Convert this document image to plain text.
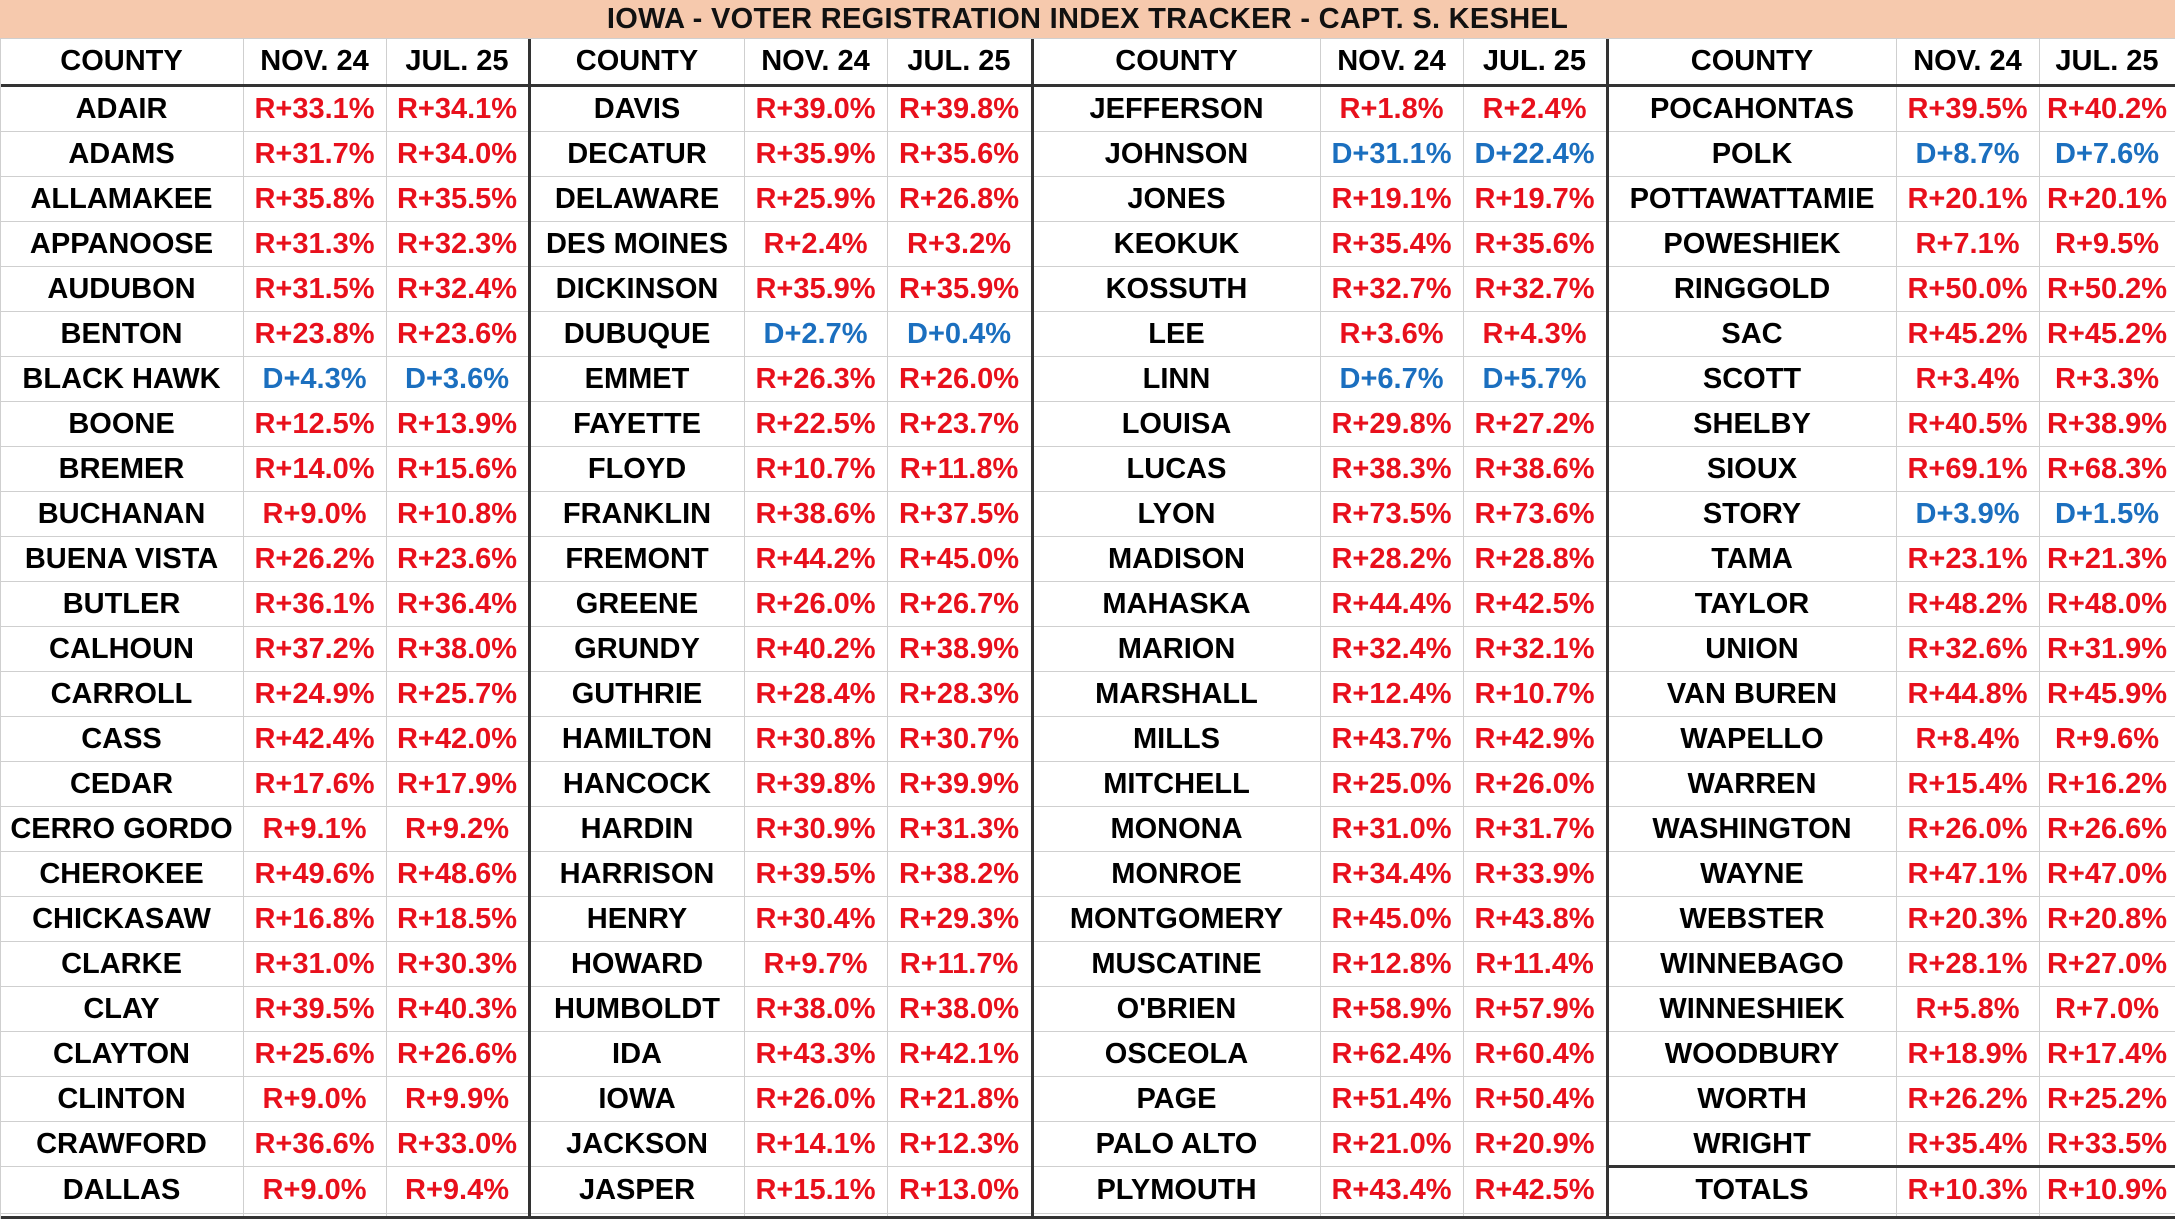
IOWA - VOTER REGISTRATION INDEX TRACKER - CAPT. S. KESHEL
COUNTY	NOV. 24	JUL. 25
ADAIR	R+33.1% R+34.1%
ADAMS	R+31.7% R+34.0%
ALLAMAKEE	R+35.8% R+35.5%
APPANOOSE	R+31.3% R+32.3%
AUDUBON	R+31.5% R+32.4%
BENTON	R+23.8% R+23.6%
BLACK HAWK	D+4.3%	D+3.6%
BOONE	R+12.5% R+13.9%
BREMER	R+14.0% R+15.6%
BUCHANAN	R+9.0%	R+10.8%
BUENA VISTA	R+26.2% R+23.6%
BUTLER	R+36.1% R+36.4%
CALHOUN	R+37.2% R+38.0%
CARROLL	R+24.9% R+25.7%
CASS	R+42.4% R+42.0%
CEDAR	R+17.6% R+17.9%
CERRO GORDO	R+9.1%	R+9.2%
CHEROKEE	R+49.6% R+48.6%
CHICKASAW	R+16.8% R+18.5%
CLARKE	R+31.0% R+30.3%
CLAY	R+39.5% R+40.3%
CLAYTON	R+25.6% R+26.6%
CLINTON	R+9.0%	R+9.9%
CRAWFORD	R+36.6% R+33.0%
DALLAS	R+9.0%	R+9.4%
COUNTY	NOV. 24	JUL. 25
DAVIS	R+39.0% R+39.8%
DECATUR	R+35.9% R+35.6%
DELAWARE	R+25.9% R+26.8%
DES MOINES	R+2.4%	R+3.2%
DICKINSON	R+35.9% R+35.9%
DUBUQUE	D+2.7%	D+0.4%
EMMET	R+26.3% R+26.0%
FAYETTE	R+22.5% R+23.7%
FLOYD	R+10.7% R+11.8%
FRANKLIN	R+38.6% R+37.5%
FREMONT	R+44.2% R+45.0%
GREENE	R+26.0% R+26.7%
GRUNDY	R+40.2% R+38.9%
GUTHRIE	R+28.4% R+28.3%
HAMILTON	R+30.8% R+30.7%
HANCOCK	R+39.8% R+39.9%
HARDIN	R+30.9% R+31.3%
HARRISON	R+39.5% R+38.2%
HENRY	R+30.4% R+29.3%
HOWARD	R+9.7%	R+11.7%
HUMBOLDT	R+38.0% R+38.0%
IDA	R+43.3% R+42.1%
IOWA	R+26.0% R+21.8%
JACKSON	R+14.1% R+12.3%
JASPER	R+15.1% R+13.0%
COUNTY	NOV. 24	JUL. 25
JEFFERSON	R+1.8%	R+2.4%
JOHNSON	D+31.1% D+22.4%
JONES	R+19.1% R+19.7%
KEOKUK	R+35.4% R+35.6%
KOSSUTH	R+32.7% R+32.7%
LEE	R+3.6%	R+4.3%
LINN	D+6.7%	D+5.7%
LOUISA	R+29.8% R+27.2%
LUCAS	R+38.3% R+38.6%
LYON	R+73.5% R+73.6%
MADISON	R+28.2% R+28.8%
MAHASKA	R+44.4% R+42.5%
MARION	R+32.4% R+32.1%
MARSHALL	R+12.4% R+10.7%
MILLS	R+43.7% R+42.9%
MITCHELL	R+25.0% R+26.0%
MONONA	R+31.0% R+31.7%
MONROE	R+34.4% R+33.9%
MONTGOMERY	R+45.0% R+43.8%
MUSCATINE	R+12.8% R+11.4%
O'BRIEN	R+58.9% R+57.9%
OSCEOLA	R+62.4% R+60.4%
PAGE	R+51.4% R+50.4%
PALO ALTO	R+21.0% R+20.9%
PLYMOUTH	R+43.4% R+42.5%
COUNTY	NOV. 24	JUL. 25
POCAHONTAS	R+39.5% R+40.2%
POLK	D+8.7%	D+7.6%
POTTAWATTAMIE	R+20.1% R+20.1%
POWESHIEK	R+7.1%	R+9.5%
RINGGOLD	R+50.0% R+50.2%
SAC	R+45.2% R+45.2%
SCOTT	R+3.4%	R+3.3%
SHELBY	R+40.5% R+38.9%
SIOUX	R+69.1% R+68.3%
STORY	D+3.9%	D+1.5%
TAMA	R+23.1% R+21.3%
TAYLOR	R+48.2% R+48.0%
UNION	R+32.6% R+31.9%
VAN BUREN	R+44.8% R+45.9%
WAPELLO	R+8.4%	R+9.6%
WARREN	R+15.4% R+16.2%
WASHINGTON	R+26.0% R+26.6%
WAYNE	R+47.1% R+47.0%
WEBSTER	R+20.3% R+20.8%
WINNEBAGO	R+28.1% R+27.0%
WINNESHIEK	R+5.8%	R+7.0%
WOODBURY	R+18.9% R+17.4%
WORTH	R+26.2% R+25.2%
WRIGHT	R+35.4% R+33.5%
TOTALS	R+10.3% R+10.9%
